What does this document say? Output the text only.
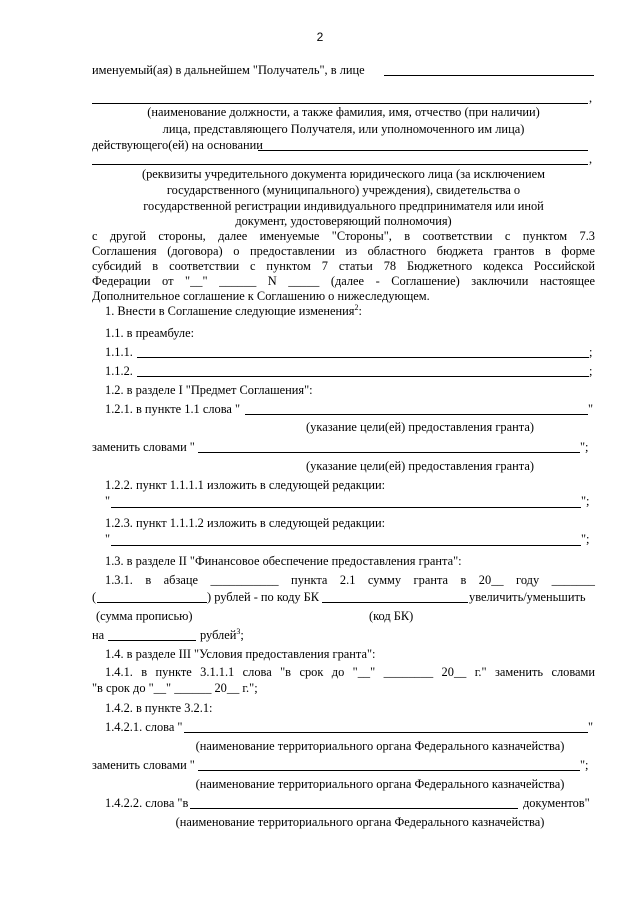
2
именуемый(ая) в дальнейшем "Получатель", в лице
,
(наименование должности, а также фамилия, имя, отчество (при наличии)
лица, представляющего Получателя, или уполномоченного им лица)
действующего(ей) на основании
,
(реквизиты учредительного документа юридического лица (за исключением
государственного (муниципального) учреждения), свидетельства о
государственной регистрации индивидуального предпринимателя или иной
документ, удостоверяющий полномочия)
с другой стороны, далее именуемые "Стороны", в соответствии с пунктом 7.3
Соглашения (договора) о предоставлении из областного бюджета грантов в форме
субсидий в соответствии с пунктом 7 статьи 78 Бюджетного кодекса Российской
Федерации от "__" ______ N _____ (далее - Соглашение) заключили настоящее
Дополнительное соглашение к Соглашению о нижеследующем.
1. Внести в Соглашение следующие изменения$^2$:
1.1. в преамбуле:
1.1.1.	;
1.1.2.	;
1.2. в разделе I "Предмет Соглашения":
1.2.1. в пункте 1.1 слова "	"
(указание цели(ей) предоставления гранта)
заменить словами "	";
(указание цели(ей) предоставления гранта)
1.2.2. пункт 1.1.1.1 изложить в следующей редакции:
"	";
1.2.3. пункт 1.1.1.2 изложить в следующей редакции:
"	";
1.3. в разделе II "Финансовое обеспечение предоставления гранта":
1.3.1. в абзаце ___________ пункта 2.1 сумму гранта в 20__ году _______
(	) рублей - по коду БК	увеличить/уменьшить
(сумма прописью)	(код БК)
на	рублей$^3$;
1.4. в разделе III "Условия предоставления гранта":
1.4.1. в пункте 3.1.1.1 слова "в срок до "__" ________ 20__ г." заменить словами
"в срок до "__" ______ 20__ г.";
1.4.2. в пункте 3.2.1:
1.4.2.1. слова "	"
(наименование территориального органа Федерального казначейства)
заменить словами "	";
(наименование территориального органа Федерального казначейства)
1.4.2.2. слова "в	документов"
(наименование территориального органа Федерального казначейства)
